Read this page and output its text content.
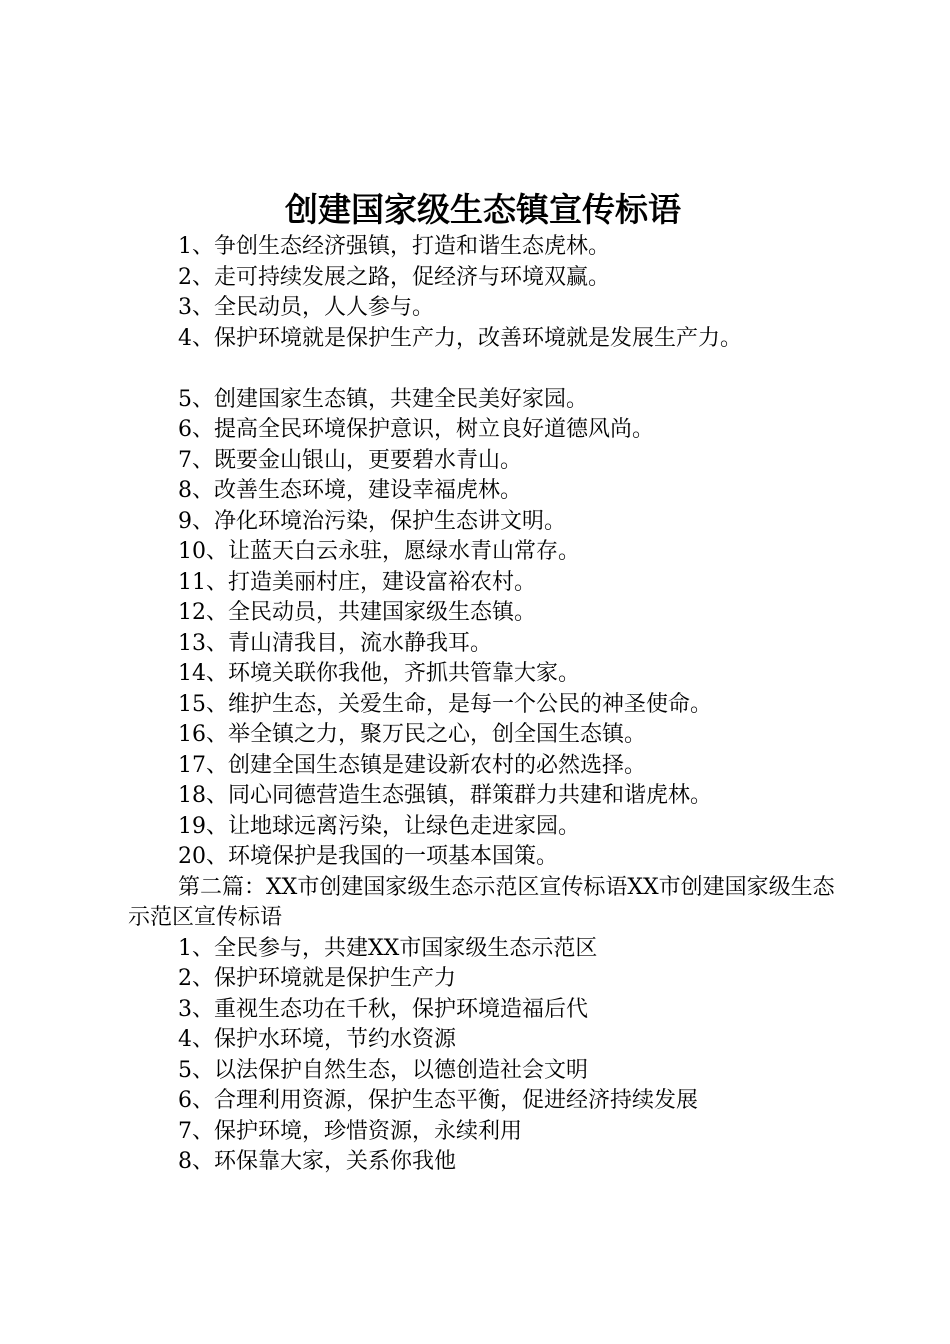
创建国家级生态镇宣传标语

1、争创生态经济强镇，打造和谐生态虎林。

2、走可持续发展之路，促经济与环境双赢。

3、全民动员，人人参与。

4、保护环境就是保护生产力，改善环境就是发展生产力。

5、创建国家生态镇，共建全民美好家园。

6、提高全民环境保护意识，树立良好道德风尚。

7、既要金山银山，更要碧水青山。

8、改善生态环境，建设幸福虎林。

9、净化环境治污染，保护生态讲文明。

10、让蓝天白云永驻，愿绿水青山常存。

11、打造美丽村庄，建设富裕农村。

12、全民动员，共建国家级生态镇。

13、青山清我目，流水静我耳。

14、环境关联你我他，齐抓共管靠大家。

15、维护生态，关爱生命，是每一个公民的神圣使命。

16、举全镇之力，聚万民之心，创全国生态镇。

17、创建全国生态镇是建设新农村的必然选择。

18、同心同德营造生态强镇，群策群力共建和谐虎林。

19、让地球远离污染，让绿色走进家园。

20、环境保护是我国的一项基本国策。

第二篇：XX市创建国家级生态示范区宣传标语XX市创建国家级生态示范区宣传标语

1、全民参与，共建XX市国家级生态示范区

2、保护环境就是保护生产力

3、重视生态功在千秋，保护环境造福后代

4、保护水环境，节约水资源

5、以法保护自然生态，以德创造社会文明

6、合理利用资源，保护生态平衡，促进经济持续发展

7、保护环境，珍惜资源，永续利用

8、环保靠大家，关系你我他
